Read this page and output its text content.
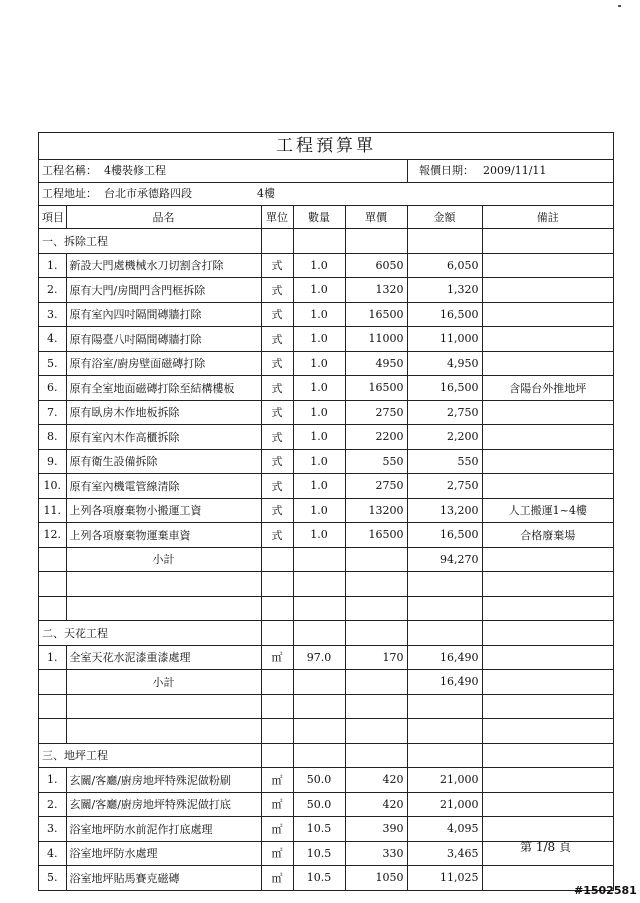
工程預算單
工程名稱： 4樓裝修工程	報價日期： 2009/11/11
工程地址： 台北市承德路四段	4樓
項目	品名	單位	數量	單價	金額	備註
一、拆除工程						
1.	新設大門處機械水刀切割含打除	式	1.0	6050	6,050	
2.	原有大門/房間門含門框拆除	式	1.0	1320	1,320	
3.	原有室內四吋隔間磚牆打除	式	1.0	16500	16,500	
4.	原有陽臺八吋隔間磚牆打除	式	1.0	11000	11,000	
5.	原有浴室/廚房壁面磁磚打除	式	1.0	4950	4,950	
6.	原有全室地面磁磚打除至結構樓板	式	1.0	16500	16,500	含陽台外推地坪
7.	原有臥房木作地板拆除	式	1.0	2750	2,750	
8.	原有室內木作高櫃拆除	式	1.0	2200	2,200	
9.	原有衛生設備拆除	式	1.0	550	550	
10.	原有室內機電管線清除	式	1.0	2750	2,750	
11.	上列各項廢棄物小搬運工資	式	1.0	13200	13,200	人工搬運1~4樓
12.	上列各項廢棄物運棄車資	式	1.0	16500	16,500	合格廢棄場
	小計				94,270	

二、天花工程						
1.	全室天花水泥漆重漆處理	㎡	97.0	170	16,490	
	小計				16,490	

三、地坪工程						
1.	玄關/客廳/廚房地坪特殊泥做粉刷	㎡	50.0	420	21,000	
2.	玄關/客廳/廚房地坪特殊泥做打底	㎡	50.0	420	21,000	
3.	浴室地坪防水前泥作打底處理	㎡	10.5	390	4,095	
4.	浴室地坪防水處理	㎡	10.5	330	3,465	
5.	浴室地坪貼馬賽克磁磚	㎡	10.5	1050	11,025	
第 1/8 頁
#1502581
